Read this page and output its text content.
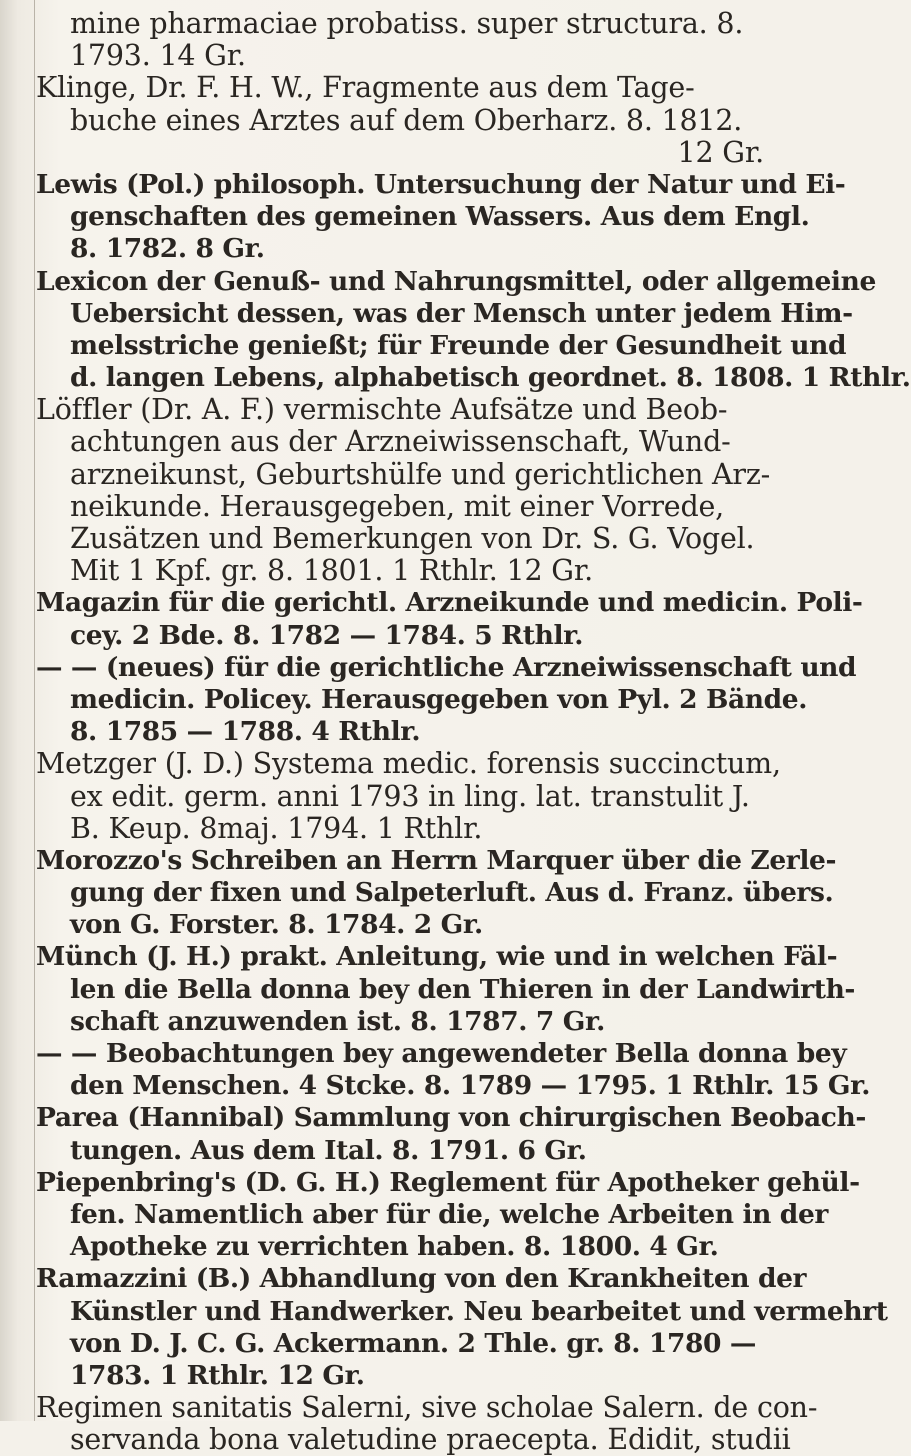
mine pharmaciae probatiss. super structura. 8.
1793. 14 Gr.
Klinge, Dr. F. H. W., Fragmente aus dem Tage-
buche eines Arztes auf dem Oberharz. 8. 1812.
12 Gr.
Lewis (Pol.) philosoph. Untersuchung der Natur und Ei-
genschaften des gemeinen Wassers. Aus dem Engl.
8. 1782. 8 Gr.
Lexicon der Genuß- und Nahrungsmittel, oder allgemeine
Uebersicht dessen, was der Mensch unter jedem Him-
melsstriche genießt; für Freunde der Gesundheit und
d. langen Lebens, alphabetisch geordnet. 8. 1808. 1 Rthlr.
Löffler (Dr. A. F.) vermischte Aufsätze und Beob-
achtungen aus der Arzneiwissenschaft, Wund-
arzneikunst, Geburtshülfe und gerichtlichen Arz-
neikunde. Herausgegeben, mit einer Vorrede,
Zusätzen und Bemerkungen von Dr. S. G. Vogel.
Mit 1 Kpf. gr. 8. 1801. 1 Rthlr. 12 Gr.
Magazin für die gerichtl. Arzneikunde und medicin. Poli-
cey. 2 Bde. 8. 1782 — 1784. 5 Rthlr.
— — (neues) für die gerichtliche Arzneiwissenschaft und
medicin. Policey. Herausgegeben von Pyl. 2 Bände.
8. 1785 — 1788. 4 Rthlr.
Metzger (J. D.) Systema medic. forensis succinctum,
ex edit. germ. anni 1793 in ling. lat. transtulit J.
B. Keup. 8maj. 1794. 1 Rthlr.
Morozzo's Schreiben an Herrn Marquer über die Zerle-
gung der fixen und Salpeterluft. Aus d. Franz. übers.
von G. Forster. 8. 1784. 2 Gr.
Münch (J. H.) prakt. Anleitung, wie und in welchen Fäl-
len die Bella donna bey den Thieren in der Landwirth-
schaft anzuwenden ist. 8. 1787. 7 Gr.
— — Beobachtungen bey angewendeter Bella donna bey
den Menschen. 4 Stcke. 8. 1789 — 1795. 1 Rthlr. 15 Gr.
Parea (Hannibal) Sammlung von chirurgischen Beobach-
tungen. Aus dem Ital. 8. 1791. 6 Gr.
Piepenbring's (D. G. H.) Reglement für Apotheker gehül-
fen. Namentlich aber für die, welche Arbeiten in der
Apotheke zu verrichten haben. 8. 1800. 4 Gr.
Ramazzini (B.) Abhandlung von den Krankheiten der
Künstler und Handwerker. Neu bearbeitet und vermehrt
von D. J. C. G. Ackermann. 2 Thle. gr. 8. 1780 —
1783. 1 Rthlr. 12 Gr.
Regimen sanitatis Salerni, sive scholae Salern. de con-
servanda bona valetudine praecepta. Edidit, studii
